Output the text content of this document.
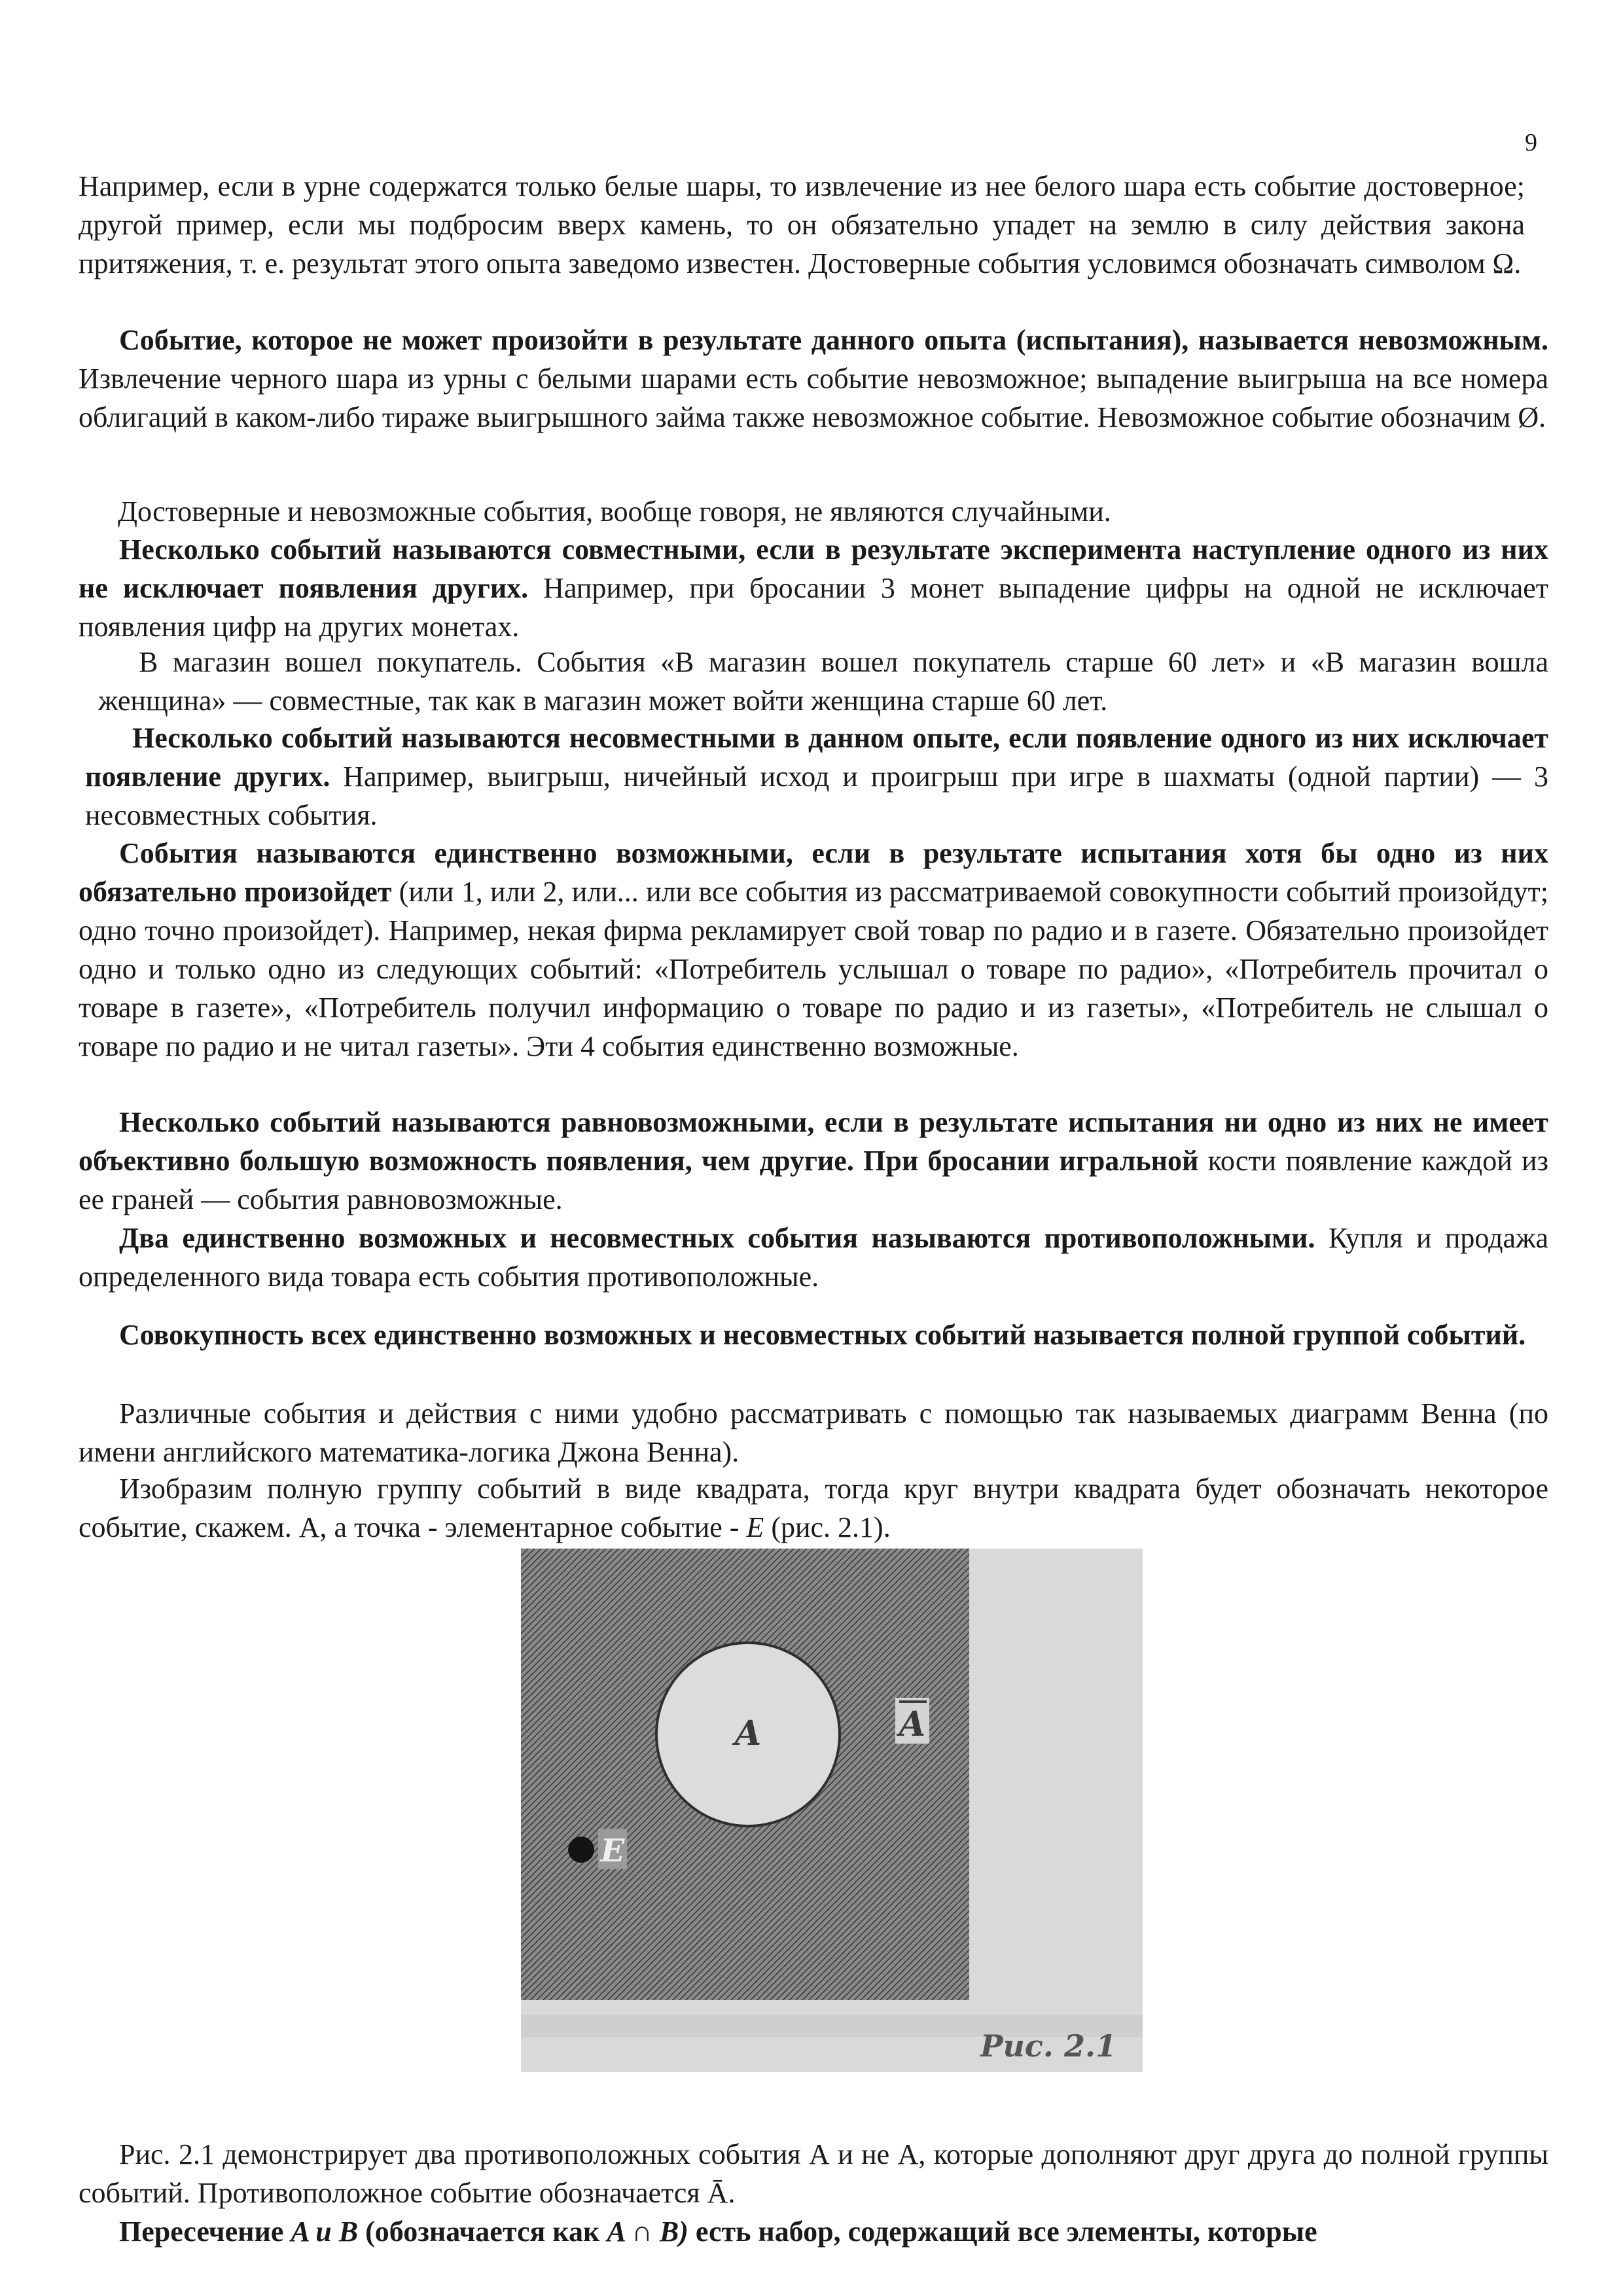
9

Например, если в урне содержатся только белые шары, то извлечение из нее белого шара есть событие достоверное; другой пример, если мы подбросим вверх камень, то он обязательно упадет на землю в силу действия закона притяжения, т. е. результат этого опыта заведомо известен. Достоверные события условимся обозначать символом Ω.

Событие, которое не может произойти в результате данного опыта (испытания), называется невозможным. Извлечение черного шара из урны с белыми шарами есть событие невозможное; выпадение выигрыша на все номера облигаций в каком-либо тираже выигрышного займа также невозможное событие. Невозможное событие обозначим Ø.

Достоверные и невозможные события, вообще говоря, не являются случайными.

Несколько событий называются совместными, если в результате эксперимента наступление одного из них не исключает появления других. Например, при бросании 3 монет выпадение цифры на одной не исключает появления цифр на других монетах.

В магазин вошел покупатель. События «В магазин вошел покупатель старше 60 лет» и «В магазин вошла женщина» — совместные, так как в магазин может войти женщина старше 60 лет.

Несколько событий называются несовместными в данном опыте, если появление одного из них исключает появление других. Например, выигрыш, ничейный исход и проигрыш при игре в шахматы (одной партии) — 3 несовместных события.

События называются единственно возможными, если в результате испытания хотя бы одно из них обязательно произойдет (или 1, или 2, или... или все события из рассматриваемой совокупности событий произойдут; одно точно произойдет). Например, некая фирма рекламирует свой товар по радио и в газете. Обязательно произойдет одно и только одно из следующих событий: «Потребитель услышал о товаре по радио», «Потребитель прочитал о товаре в газете», «Потребитель получил информацию о товаре по радио и из газеты», «Потребитель не слышал о товаре по радио и не читал газеты». Эти 4 события единственно возможные.

Несколько событий называются равновозможными, если в результате испытания ни одно из них не имеет объективно большую возможность появления, чем другие. При бросании игральной кости появление каждой из ее граней — события равновозможные.

Два единственно возможных и несовместных события называются противоположными. Купля и продажа определенного вида товара есть события противоположные.

Совокупность всех единственно возможных и несовместных событий называется полной группой событий.

Различные события и действия с ними удобно рассматривать с помощью так называемых диаграмм Венна (по имени английского математика-логика Джона Венна).

Изобразим полную группу событий в виде квадрата, тогда круг внутри квадрата будет обозначать некоторое событие, скажем. А, а точка - элементарное событие - E (рис. 2.1).

A	A
E
Рис. 2.1

Рис. 2.1 демонстрирует два противоположных события А и не А, которые дополняют друг друга до полной группы событий. Противоположное событие обозначается Ā.

Пересечение A и B (обозначается как A ∩ B) есть набор, содержащий все элементы, которые
